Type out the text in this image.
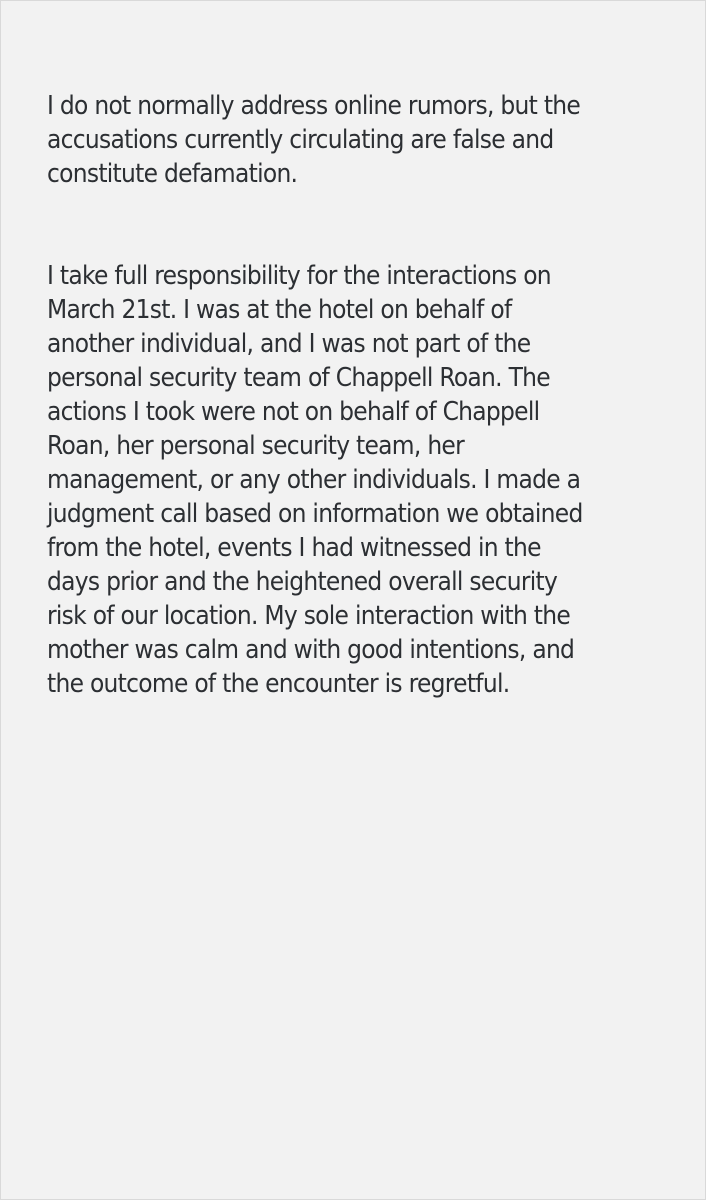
I do not normally address online rumors, but the
accusations currently circulating are false and
constitute defamation.

I take full responsibility for the interactions on
March 21st. I was at the hotel on behalf of
another individual, and I was not part of the
personal security team of Chappell Roan. The
actions I took were not on behalf of Chappell
Roan, her personal security team, her
management, or any other individuals. I made a
judgment call based on information we obtained
from the hotel, events I had witnessed in the
days prior and the heightened overall security
risk of our location. My sole interaction with the
mother was calm and with good intentions, and
the outcome of the encounter is regretful.
